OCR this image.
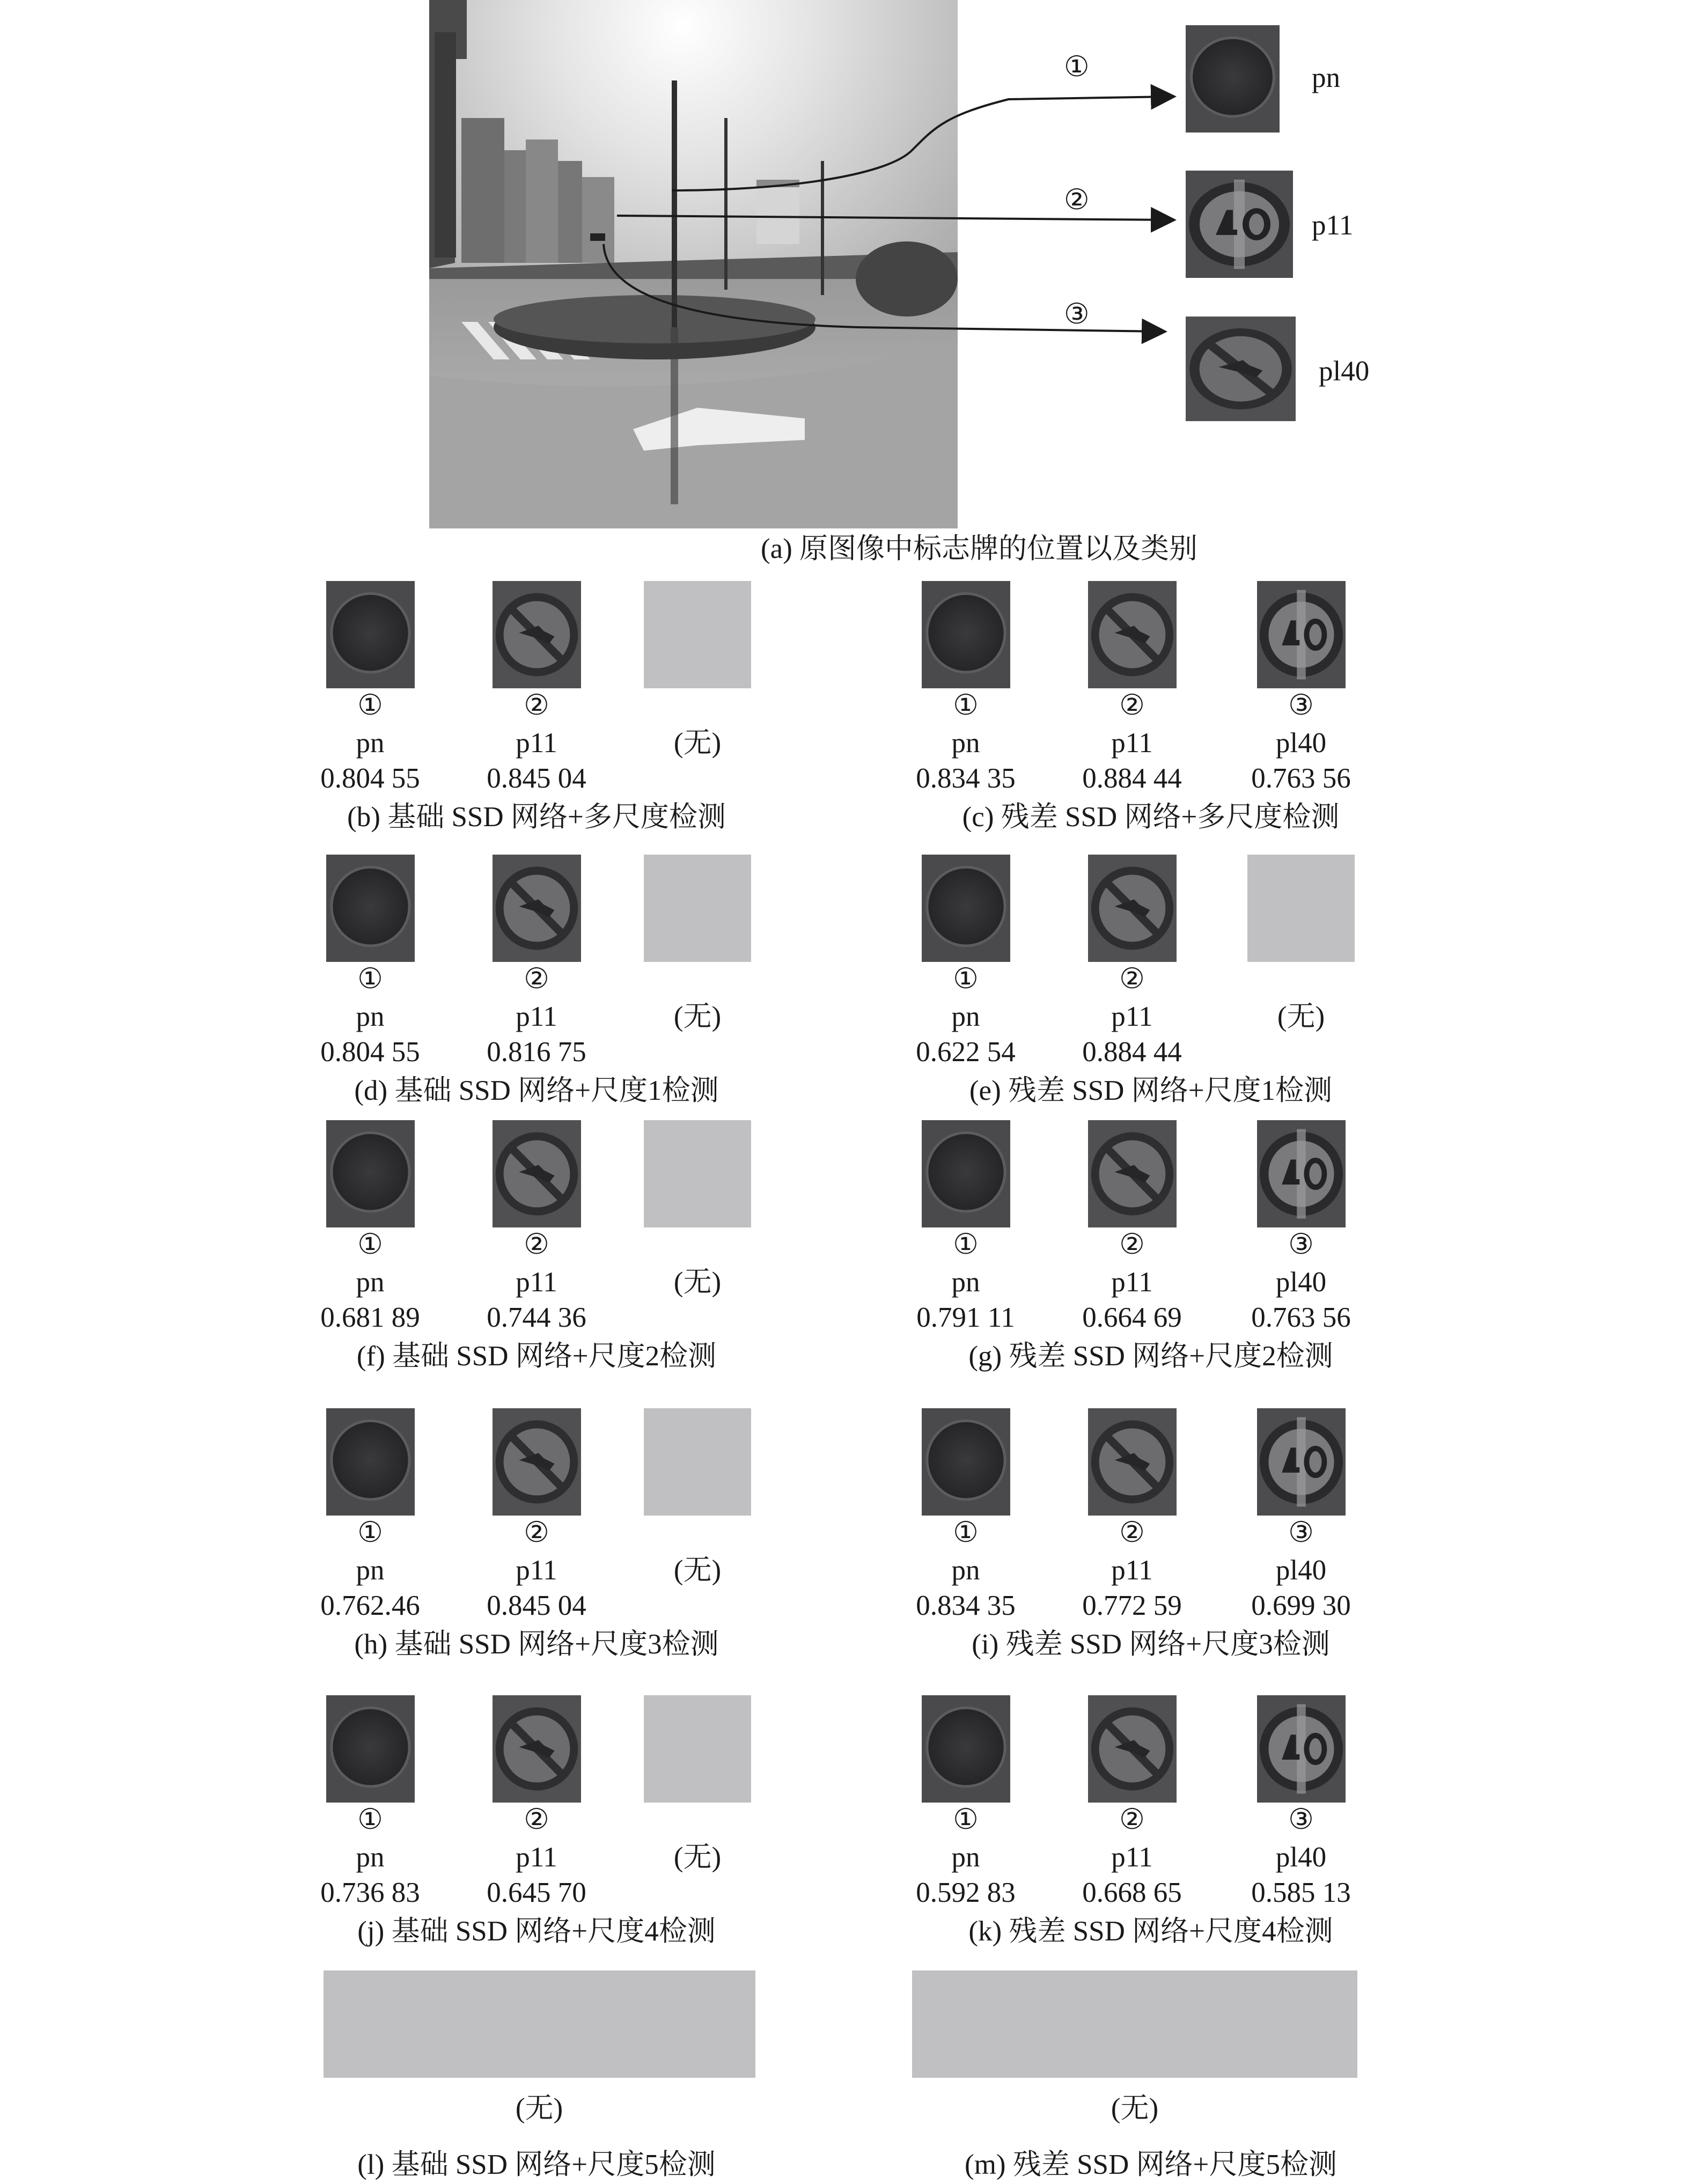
①
②
③
pn
p11
pl40
(a) 原图像中标志牌的位置以及类别
①
pn
0.804 55
②
p11
0.845 04
(无)
(b) 基础 SSD 网络+多尺度检测
①
pn
0.834 35
②
p11
0.884 44
③
pl40
0.763 56
(c) 残差 SSD 网络+多尺度检测
①
pn
0.804 55
②
p11
0.816 75
(无)
(d) 基础 SSD 网络+尺度1检测
①
pn
0.622 54
②
p11
0.884 44
(无)
(e) 残差 SSD 网络+尺度1检测
①
pn
0.681 89
②
p11
0.744 36
(无)
(f) 基础 SSD 网络+尺度2检测
①
pn
0.791 11
②
p11
0.664 69
③
pl40
0.763 56
(g) 残差 SSD 网络+尺度2检测
①
pn
0.762.46
②
p11
0.845 04
(无)
(h) 基础 SSD 网络+尺度3检测
①
pn
0.834 35
②
p11
0.772 59
③
pl40
0.699 30
(i) 残差 SSD 网络+尺度3检测
①
pn
0.736 83
②
p11
0.645 70
(无)
(j) 基础 SSD 网络+尺度4检测
①
pn
0.592 83
②
p11
0.668 65
③
pl40
0.585 13
(k) 残差 SSD 网络+尺度4检测
(无)
(l) 基础 SSD 网络+尺度5检测
(无)
(m) 残差 SSD 网络+尺度5检测
